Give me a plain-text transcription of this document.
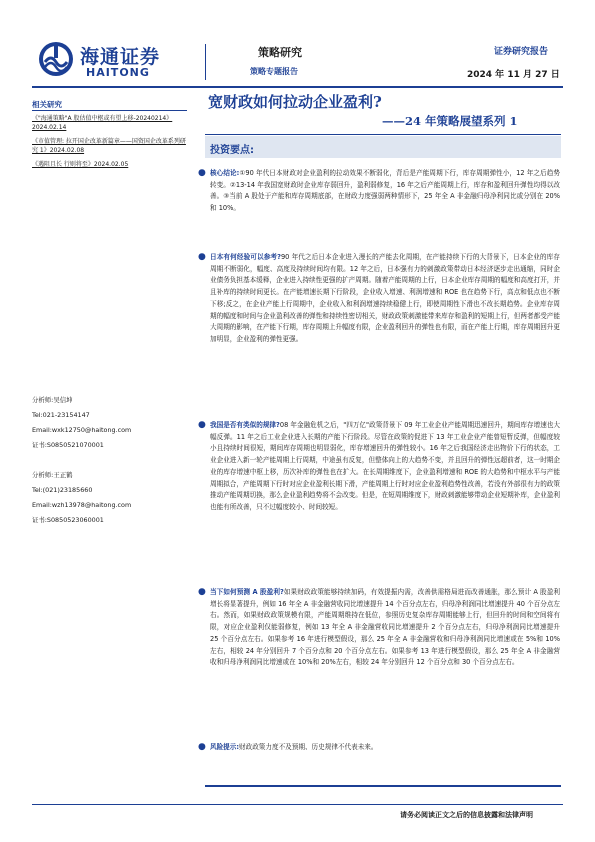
海通证券
HAITONG
策略研究
策略专题报告
证券研究报告
2024 年 11 月 27 日
宽财政如何拉动企业盈利?
——24 年策略展望系列 1
投资要点:
相关研究
《"海通策略"A 股估值中枢或有望上移-20240214》2024.02.14
《市值管理: 拉开国企改革新篇章——国资国企改革系列研究 1》2024.02.08
《遇阻且长 行则将至》2024.02.05
分析师:吴信坤
Tel:021-23154147
Email:wxk12750@haitong.com
证书:S0850521070001
分析师:王正鹤
Tel:(021)23185660
Email:wzh13978@haitong.com
证书:S0850523060001
● 核心结论:①90 年代日本财政对企业盈利的拉动效果不断弱化，背后是产能周期下行，库存周期弹性小，12 年之后趋势转变。②13-14 年我国宽财政时企业库存弱回升，盈利弱修复，16 年之后产能周期上行，库存和盈利回升弹性均得以改善。③当前 A 股处于产能和库存周期底部，在财政力度强弱两种情形下，25 年全 A 非金融归母净利同比或分别在 20%和 10%。
● 日本有何经验可以参考?90 年代之后日本企业进入漫长的产能去化周期，在产能持续下行的大背景下，日本企业的库存周期不断弱化，幅度、高度及持续时间均有限。12 年之后，日本强有力的刺激政策带动日本经济逐步走出通缩，同时企业债务负担基本缓释，企业进入持续性更强的扩产周期。随着产能周期的上行，日本企业库存周期的幅度和高度打开，并且补库的持续时间更长。在产能增速长期下行阶段，企业收入增速、利润增速和 ROE 也在趋势下行，高点和低点也不断下移;反之，在企业产能上行周期中，企业收入和利润增速持续稳健上行，即使周期性下滑也不改长期趋势。企业库存周期的幅度和时间与企业盈利改善的弹性和持续性密切相关，财政政策刺激能带来库存和盈利的短期上行，但两者都受产能大周期的影响，在产能下行期，库存周期上升幅度有限，企业盈利回升的弹性也有限，而在产能上行期，库存周期回升更加明显，企业盈利的弹性更强。
● 我国是否有类似的规律?08 年金融危机之后，"四万亿"政策背景下 09 年工业企业产能周期迅速回升，期间库存增速也大幅反弹。11 年之后工业企业进入长期的产能下行阶段。尽管在政策的促进下 13 年工业企业产能曾短暂反弹，但幅度较小且持续时间很短，期间库存周期也明显弱化，库存增速回升的弹性较小。16 年之后我国经济走出物价下行的状态，工业企业进入新一轮产能周期上行周期，中途虽有反复，但整体向上的大趋势不变，并且回升的弹性远超前者，这一时期企业的库存增速中枢上移，历次补库的弹性也在扩大。在长周期维度下，企业盈利增速和 ROE 的大趋势和中枢水平与产能周期拟合，产能周期下行时对应企业盈利长期下滑，产能周期上行时对应企业盈利趋势性改善，若没有外部很有力的政策推动产能周期切换，那么企业盈利趋势将不会改变。但是，在短周期维度下，财政刺激能够带动企业短期补库，企业盈利也能有所改善，只不过幅度较小、时间较短。
● 当下如何预测 A 股盈利?如果财政政策能够持续加码，有效提振内需，改善供需格局进而改善通胀，那么预计 A 股盈利增长将显著提升，例如 16 年全 A 非金融营收同比增速提升 14 个百分点左右，归母净利润同比增速提升 40 个百分点左右。然而，如果财政政策规模有限，产能周期维持在低位，参照历史复杂库存周期能够上行，但回升的时间和空间将有限，对应企业盈利仅能弱修复，例如 13 年全 A 非金融营收同比增速提升 2 个百分点左右，归母净利润同比增速提升 25 个百分点左右。如果参考 16 年进行模型假设，那么 25 年全 A 非金融营收和归母净利润同比增速或在 5%和 10%左右，相较 24 年分别回升 7 个百分点和 20 个百分点左右。如果参考 13 年进行模型假设，那么 25 年全 A 非金融营收和归母净利润同比增速或在 10%和 20%左右，相较 24 年分别回升 12 个百分点和 30 个百分点左右。
● 风险提示:财政政策力度不及预期、历史规律不代表未来。
请务必阅读正文之后的信息披露和法律声明
